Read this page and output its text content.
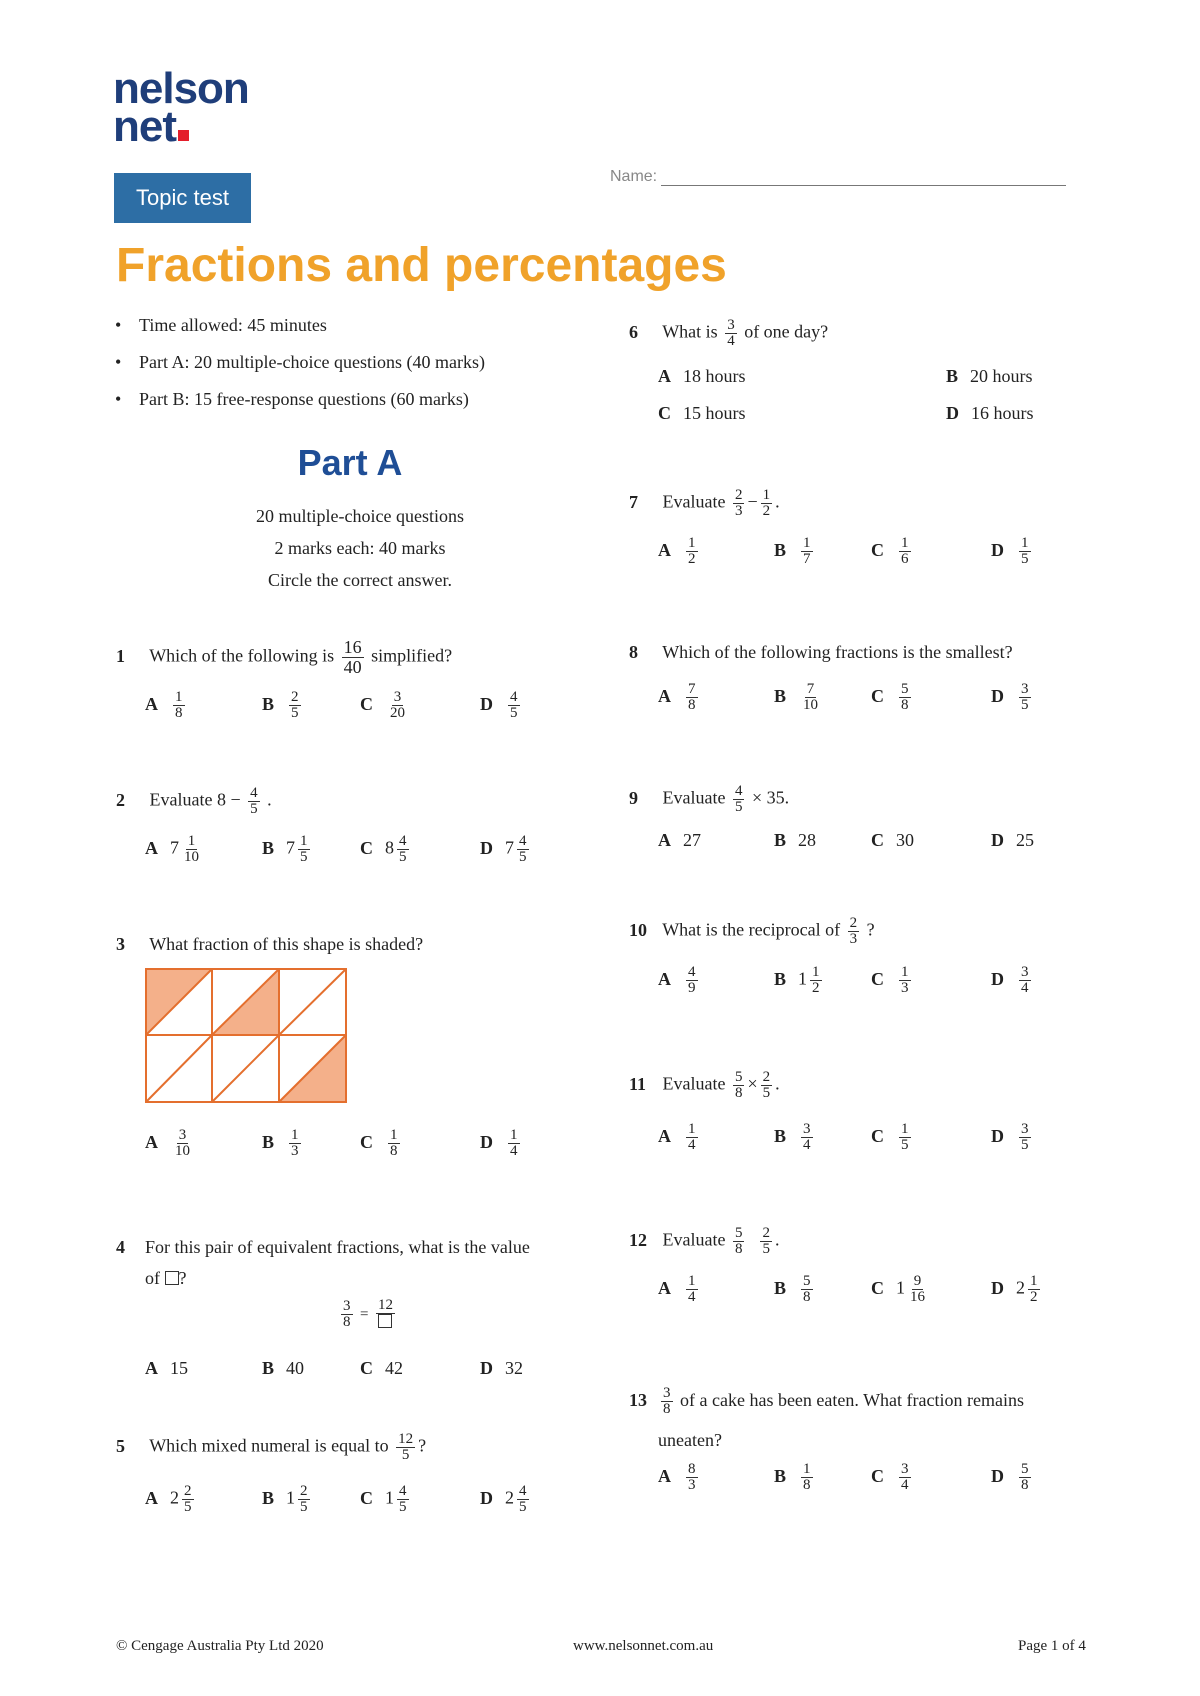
nelson
net
Topic test
Name:
Fractions and percentages
• Time allowed: 45 minutes
• Part A: 20 multiple-choice questions (40 marks)
• Part B: 15 free-response questions (60 marks)
Part A
20 multiple-choice questions
2 marks each: 40 marks
Circle the correct answer.
1 Which of the following is $\frac{16}{40}$ simplified?
A $\frac{1}{8}$	B $\frac{2}{5}$	C $\frac{3}{20}$	D $\frac{4}{5}$
2 Evaluate $8 - \frac{4}{5}$ .
A $7 \frac{1}{10}$	B $7 \frac{1}{5}$	C $8 \frac{4}{5}$	D $7 \frac{4}{5}$
3 What fraction of this shape is shaded?
A $\frac{3}{10}$	B $\frac{1}{3}$	C $\frac{1}{8}$	D $\frac{1}{4}$
4 For this pair of equivalent fractions, what is the value
of ?
$\frac{3}{8}$ =
12
A 15	B 40	C 42	D 32
5 Which mixed numeral is equal to $\frac{12}{5}$ ?
A $2 \frac{2}{5}$	B $1 \frac{2}{5}$	C $1 \frac{4}{5}$	D $2 \frac{4}{5}$
6 What is $\frac{3}{4}$ of one day?
A 18 hours	B 20 hours
C 15 hours	D 16 hours
7 Evaluate $\frac{2}{3} - \frac{1}{2}$ .
A $\frac{1}{2}$	B $\frac{1}{7}$	C $\frac{1}{6}$	D $\frac{1}{5}$
8 Which of the following fractions is the smallest?
A $\frac{7}{8}$	B $\frac{7}{10}$	C $\frac{5}{8}$	D $\frac{3}{5}$
9 Evaluate $\frac{4}{5} \times 35$.
A 27	B 28	C 30	D 25
10 What is the reciprocal of $\frac{2}{3}$ ?
A $\frac{4}{9}$	B $1 \frac{1}{2}$	C $\frac{1}{3}$	D $\frac{3}{4}$
11 Evaluate $\frac{5}{8} \times \frac{2}{5}$ .
A $\frac{1}{4}$	B $\frac{3}{4}$	C $\frac{1}{5}$	D $\frac{3}{5}$
12 Evaluate $\frac{5}{8} \frac{2}{5}$ .
A $\frac{1}{4}$	B $\frac{5}{8}$	C $1 \frac{9}{16}$	D $2 \frac{1}{2}$
$13 \frac{3}{8}$ of a cake has been eaten. What fraction remains
uneaten?
A $\frac{8}{3}$	B $\frac{1}{8}$	C $\frac{3}{4}$	D $\frac{5}{8}$
© Cengage Australia Pty Ltd 2020	www.nelsonnet.com.au	Page 1 of 4
